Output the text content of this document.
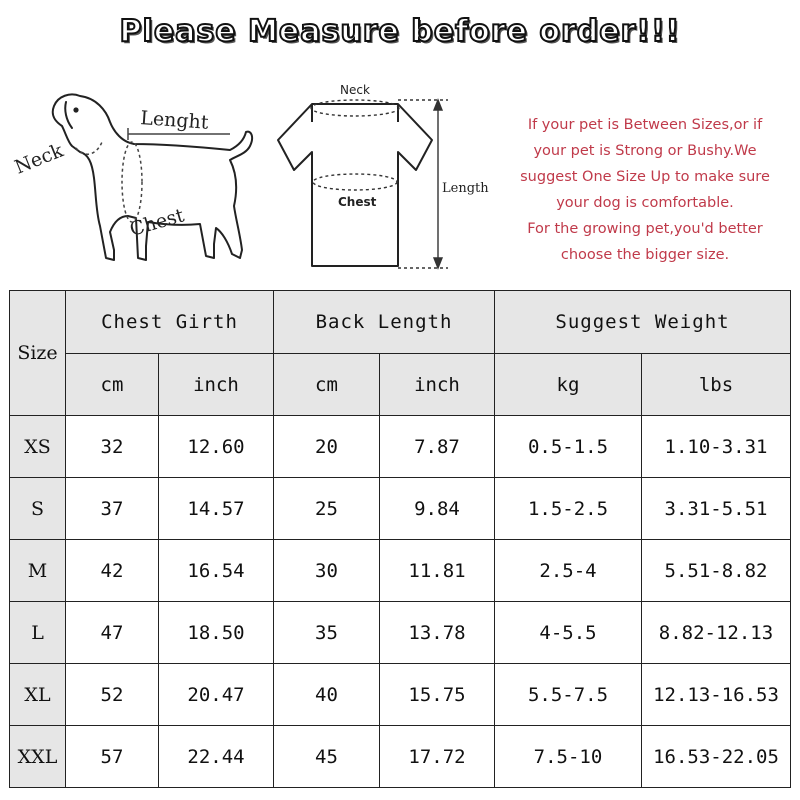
Please Measure before order!!!
Neck
Lenght
Chest
Neck
Chest
Length
If your pet is Between Sizes,or if
your pet is Strong or Bushy.We
suggest One Size Up to make sure
your dog is comfortable.
For the growing pet,you'd better
choose the bigger size.
Size	Chest Girth		Back Length		Suggest Weight	
	cm	inch	cm	inch	kg	lbs
XS	32	12.60	20	7.87	0.5-1.5	1.10-3.31
S	37	14.57	25	9.84	1.5-2.5	3.31-5.51
M	42	16.54	30	11.81	2.5-4	5.51-8.82
L	47	18.50	35	13.78	4-5.5	8.82-12.13
XL	52	20.47	40	15.75	5.5-7.5	12.13-16.53
XXL	57	22.44	45	17.72	7.5-10	16.53-22.05
